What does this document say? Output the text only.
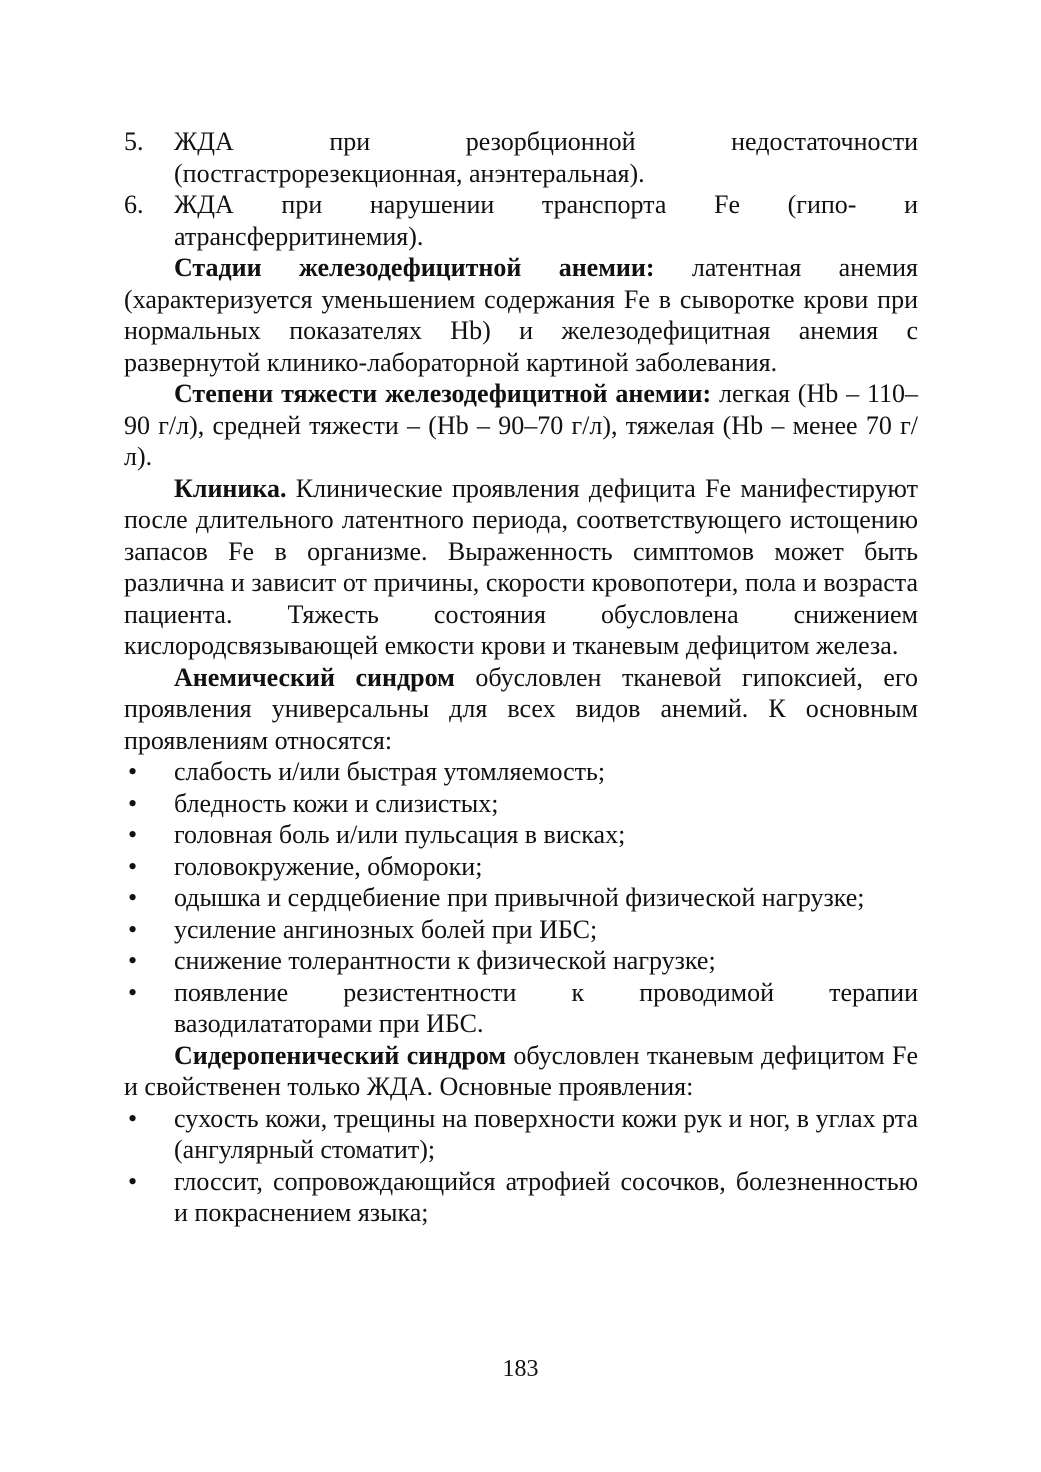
5. ЖДА при резорбционной недостаточности (постгастрорезекционная, анэнтеральная).
6. ЖДА при нарушении транспорта Fe (гипо- и атрансферритинемия).

Стадии железодефицитной анемии: латентная анемия (характеризуется уменьшением содержания Fe в сыворотке крови при нормальных показателях Hb) и железодефицитная анемия с развернутой клинико-лабораторной картиной заболевания.

Степени тяжести железодефицитной анемии: легкая (Hb – 110–90 г/л), средней тяжести – (Hb – 90–70 г/л), тяжелая (Hb – менее 70 г/л).

Клиника. Клинические проявления дефицита Fe манифестируют после длительного латентного периода, соответствующего истощению запасов Fe в организме. Выраженность симптомов может быть различна и зависит от причины, скорости кровопотери, пола и возраста пациента. Тяжесть состояния обусловлена снижением кислородсвязывающей емкости крови и тканевым дефицитом железа.

Анемический синдром обусловлен тканевой гипоксией, его проявления универсальны для всех видов анемий. К основным проявлениям относятся:

• слабость и/или быстрая утомляемость;
• бледность кожи и слизистых;
• головная боль и/или пульсация в висках;
• головокружение, обмороки;
• одышка и сердцебиение при привычной физической нагрузке;
• усиление ангинозных болей при ИБС;
• снижение толерантности к физической нагрузке;
• появление резистентности к проводимой терапии вазодилататорами при ИБС.

Сидеропенический синдром обусловлен тканевым дефицитом Fe и свойственен только ЖДА. Основные проявления:

• сухость кожи, трещины на поверхности кожи рук и ног, в углах рта (ангулярный стоматит);
• глоссит, сопровождающийся атрофией сосочков, болезненностью и покраснением языка;
183
